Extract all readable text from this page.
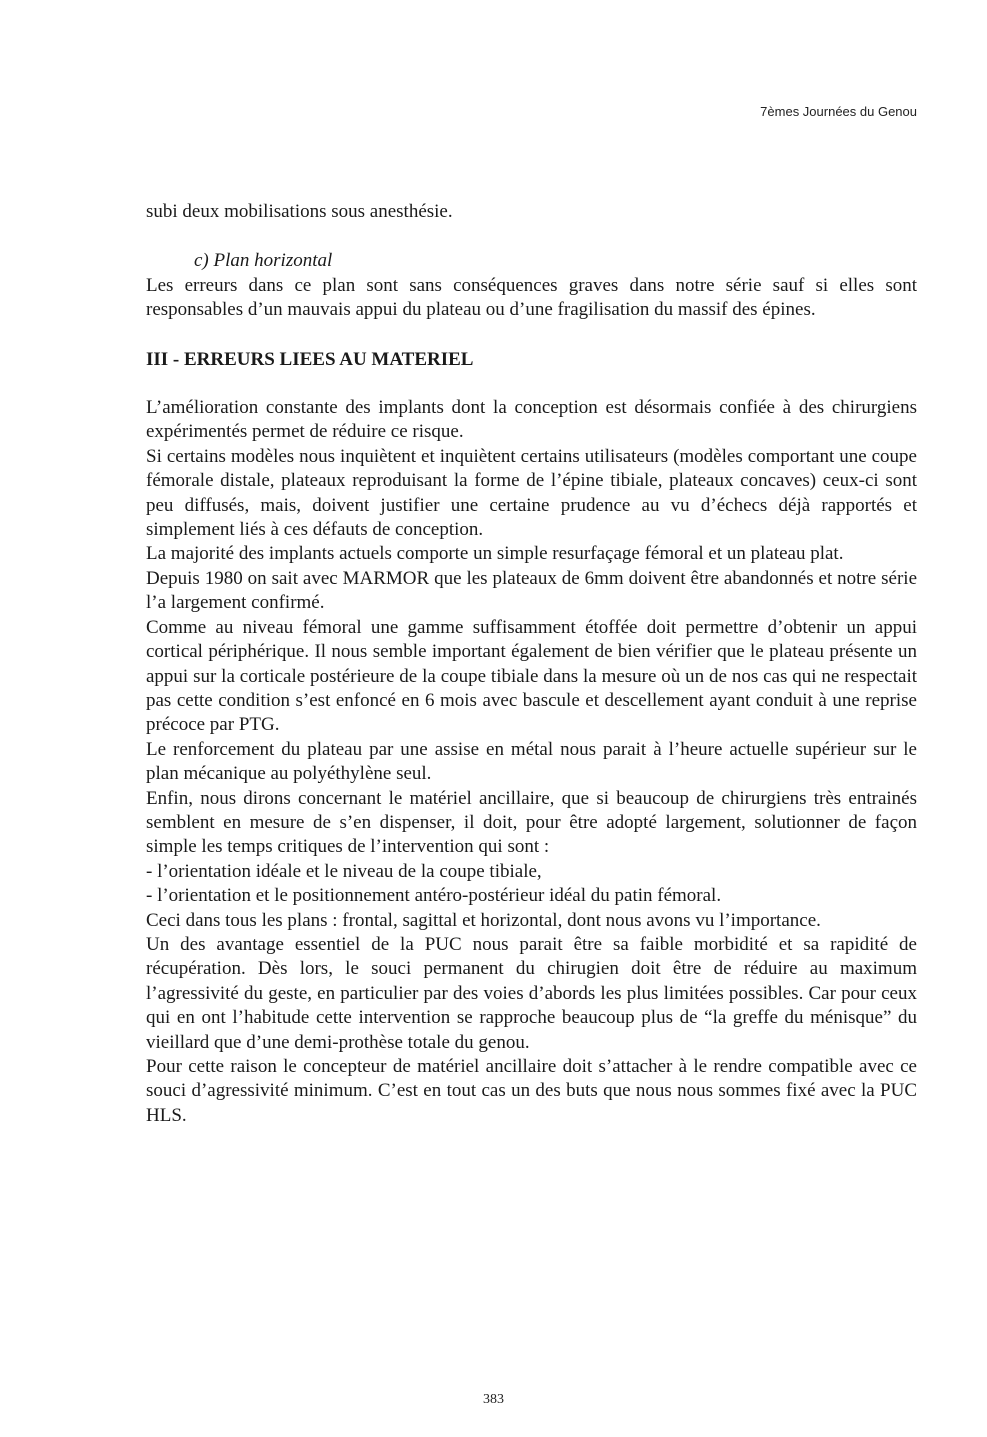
7èmes Journées du Genou

subi deux mobilisations sous anesthésie.

c) Plan horizontal

Les erreurs dans ce plan sont sans conséquences graves dans notre série sauf si elles sont responsables d’un mauvais appui du plateau ou d’une fragilisation du massif des épines.

III - ERREURS LIEES AU MATERIEL

L’amélioration constante des implants dont la conception est désormais confiée à des chirurgiens expérimentés permet de réduire ce risque.

Si certains modèles nous inquiètent et inquiètent certains utilisateurs (modèles comportant une coupe fémorale distale, plateaux reproduisant la forme de l’épine tibiale, plateaux concaves) ceux-ci sont peu diffusés, mais, doivent justifier une certaine prudence au vu d’échecs déjà rapportés et simplement liés à ces défauts de conception.

La majorité des implants actuels comporte un simple resurfaçage fémoral et un plateau plat.

Depuis 1980 on sait avec MARMOR que les plateaux de 6mm doivent être abandonnés et notre série l’a largement confirmé.

Comme au niveau fémoral une gamme suffisamment étoffée doit permettre d’obtenir un appui cortical périphérique. Il nous semble important également de bien vérifier que le plateau présente un appui sur la corticale postérieure de la coupe tibiale dans la mesure où un de nos cas qui ne respectait pas cette condition s’est enfoncé en 6 mois avec bascule et descellement ayant conduit à une reprise précoce par PTG.

Le renforcement du plateau par une assise en métal nous parait à l’heure actuelle supérieur sur le plan mécanique au polyéthylène seul.

Enfin, nous dirons concernant le matériel ancillaire, que si beaucoup de chirurgiens très entrainés semblent en mesure de s’en dispenser, il doit, pour être adopté largement, solutionner de façon simple les temps critiques de l’intervention qui sont :

- l’orientation idéale et le niveau de la coupe tibiale,

- l’orientation et le positionnement antéro-postérieur idéal du patin fémoral.

Ceci dans tous les plans : frontal, sagittal et horizontal, dont nous avons vu l’importance.

Un des avantage essentiel de la PUC nous parait être sa faible morbidité et sa rapidité de récupération. Dès lors, le souci permanent du chirugien doit être de réduire au maximum l’agressivité du geste, en particulier par des voies d’abords les plus limitées possibles. Car pour ceux qui en ont l’habitude cette intervention se rapproche beaucoup plus de “la greffe du ménisque” du vieillard que d’une demi-prothèse totale du genou.

Pour cette raison le concepteur de matériel ancillaire doit s’attacher à le rendre compatible avec ce souci d’agressivité minimum. C’est en tout cas un des buts que nous nous sommes fixé avec la PUC HLS.

383
